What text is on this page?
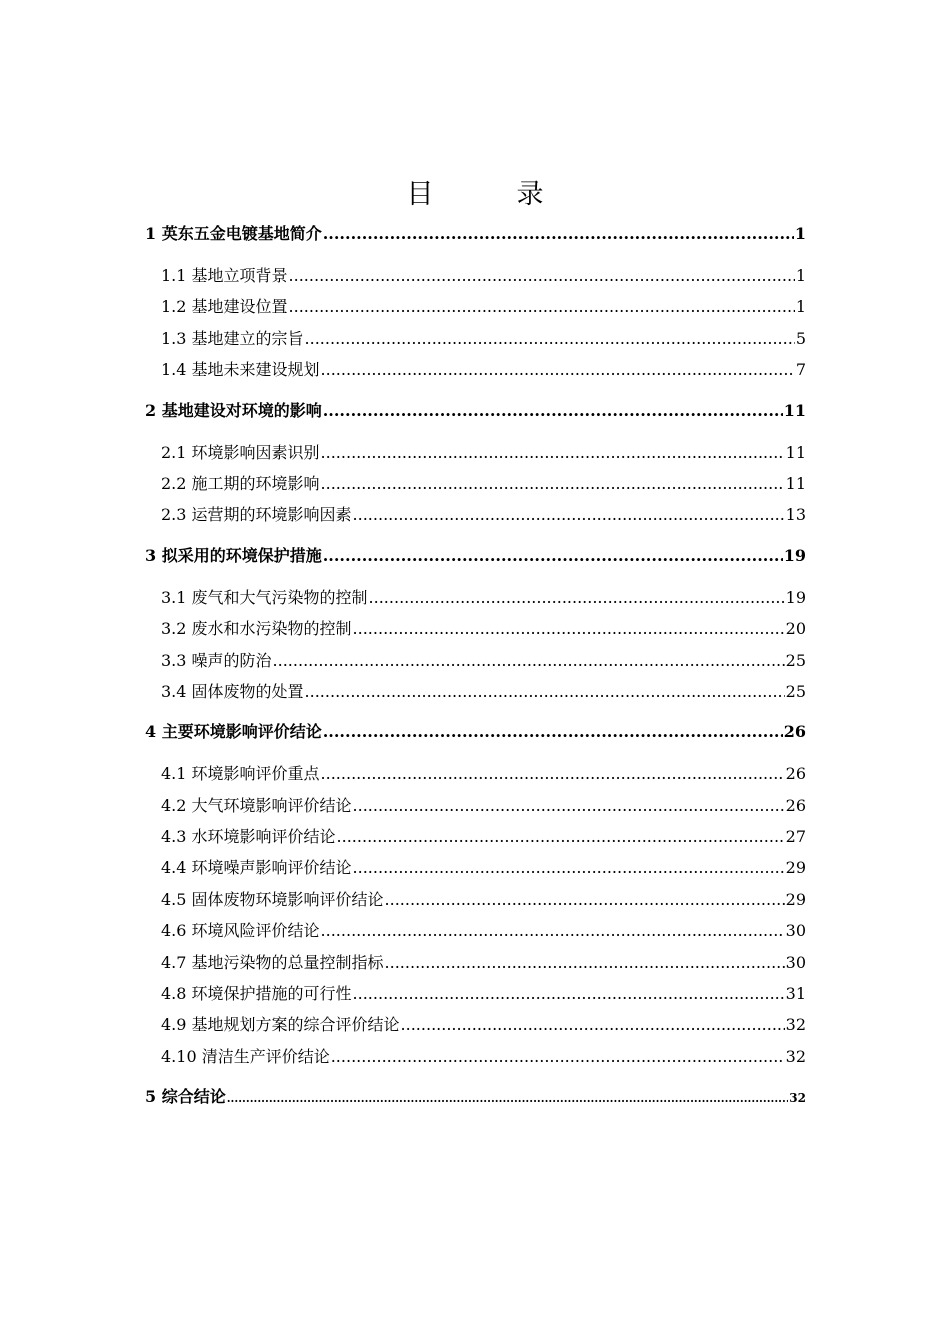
目　录
1 英东五金电镀基地简介 .....	1
1.1 基地立项背景 .....	1
1.2 基地建设位置 .....	1
1.3 基地建立的宗旨 .....	5
1.4 基地未来建设规划 .....	7
2 基地建设对环境的影响 .....	11
2.1 环境影响因素识别 .....	11
2.2 施工期的环境影响 .....	11
2.3 运营期的环境影响因素 .....	13
3 拟采用的环境保护措施 .....	19
3.1 废气和大气污染物的控制 .....	19
3.2 废水和水污染物的控制 .....	20
3.3 噪声的防治 .....	25
3.4 固体废物的处置 .....	25
4 主要环境影响评价结论 .....	26
4.1 环境影响评价重点 .....	26
4.2 大气环境影响评价结论 .....	26
4.3 水环境影响评价结论 .....	27
4.4 环境噪声影响评价结论 .....	29
4.5 固体废物环境影响评价结论 .....	29
4.6 环境风险评价结论 .....	30
4.7 基地污染物的总量控制指标 .....	30
4.8 环境保护措施的可行性 .....	31
4.9 基地规划方案的综合评价结论 .....	32
4.10 清洁生产评价结论 .....	32
5 综合结论 .....	32
